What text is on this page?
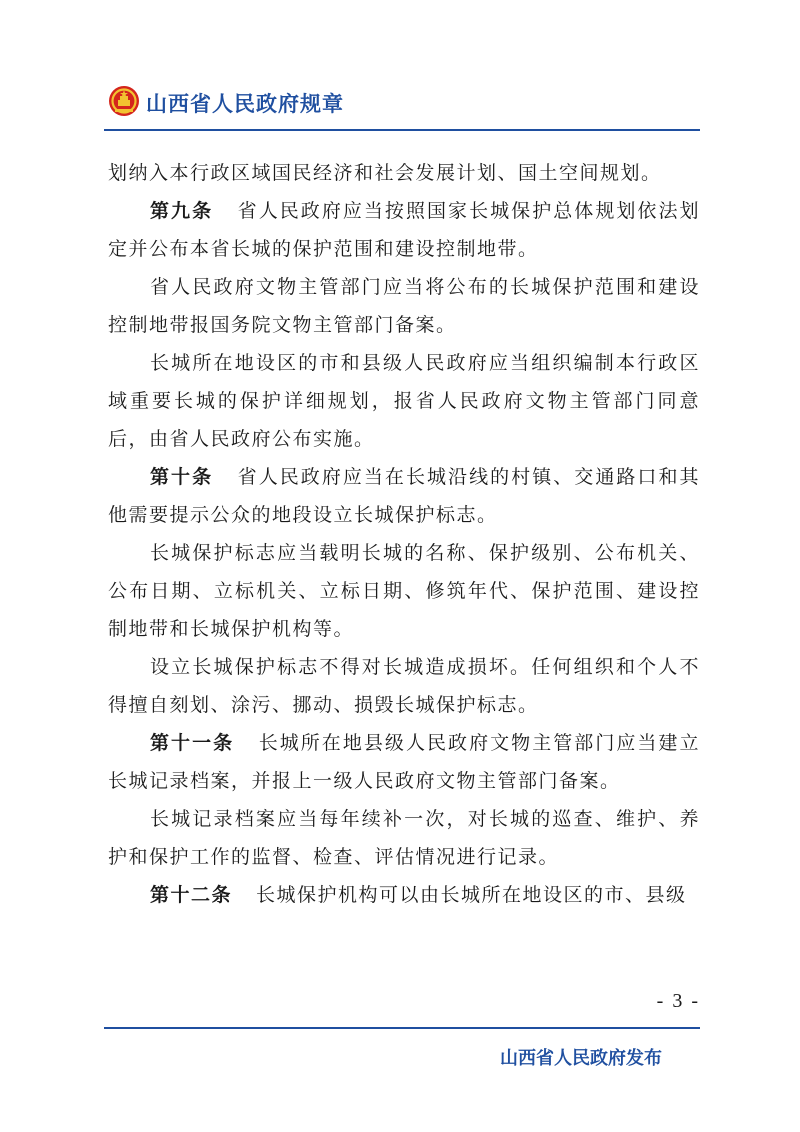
山西省人民政府规章

划纳入本行政区域国民经济和社会发展计划、国土空间规划。

第九条 省人民政府应当按照国家长城保护总体规划依法划定并公布本省长城的保护范围和建设控制地带。

省人民政府文物主管部门应当将公布的长城保护范围和建设控制地带报国务院文物主管部门备案。

长城所在地设区的市和县级人民政府应当组织编制本行政区域重要长城的保护详细规划，报省人民政府文物主管部门同意后，由省人民政府公布实施。

第十条 省人民政府应当在长城沿线的村镇、交通路口和其他需要提示公众的地段设立长城保护标志。

长城保护标志应当载明长城的名称、保护级别、公布机关、公布日期、立标机关、立标日期、修筑年代、保护范围、建设控制地带和长城保护机构等。

设立长城保护标志不得对长城造成损坏。任何组织和个人不得擅自刻划、涂污、挪动、损毁长城保护标志。

第十一条 长城所在地县级人民政府文物主管部门应当建立长城记录档案，并报上一级人民政府文物主管部门备案。

长城记录档案应当每年续补一次，对长城的巡查、维护、养护和保护工作的监督、检查、评估情况进行记录。

第十二条 长城保护机构可以由长城所在地设区的市、县级

- 3 -
山西省人民政府发布
